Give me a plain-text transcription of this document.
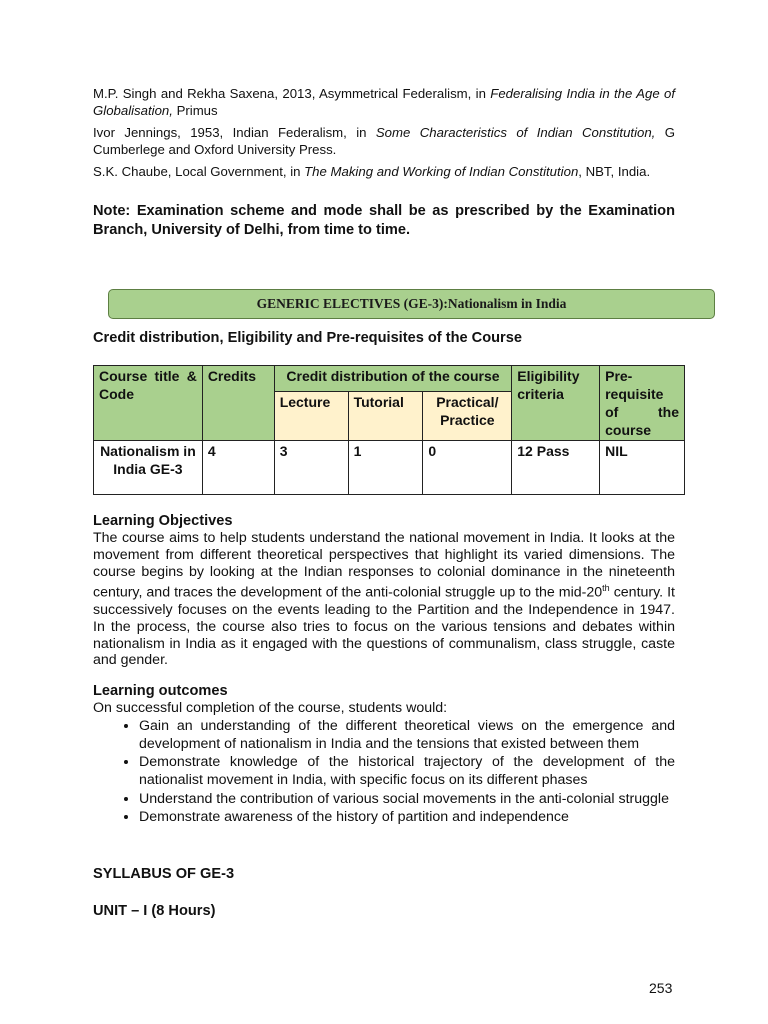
M.P. Singh and Rekha Saxena, 2013, Asymmetrical Federalism, in Federalising India in the Age of Globalisation, Primus

Ivor Jennings, 1953, Indian Federalism, in Some Characteristics of Indian Constitution, G Cumberlege and Oxford University Press.

S.K. Chaube, Local Government, in The Making and Working of Indian Constitution, NBT, India.

Note: Examination scheme and mode shall be as prescribed by the Examination Branch, University of Delhi, from time to time.

GENERIC ELECTIVES (GE-3): Nationalism in India
Credit distribution, Eligibility and Pre-requisites of the Course
Course title & Code	Credits	Credit distribution of the course			Eligibility criteria	Pre-requisite of the course
		Lecture	Tutorial	Practical/ Practice		
Nationalism in India GE-3	4	3	1	0	12 Pass	NIL
Learning Objectives

The course aims to help students understand the national movement in India. It looks at the movement from different theoretical perspectives that highlight its varied dimensions. The course begins by looking at the Indian responses to colonial dominance in the nineteenth century, and traces the development of the anti-colonial struggle up to the mid-20th century. It successively focuses on the events leading to the Partition and the Independence in 1947. In the process, the course also tries to focus on the various tensions and debates within nationalism in India as it engaged with the questions of communalism, class struggle, caste and gender.

Learning outcomes

On successful completion of the course, students would:

• Gain an understanding of the different theoretical views on the emergence and development of nationalism in India and the tensions that existed between them
• Demonstrate knowledge of the historical trajectory of the development of the nationalist movement in India, with specific focus on its different phases
• Understand the contribution of various social movements in the anti-colonial struggle
• Demonstrate awareness of the history of partition and independence
SYLLABUS OF GE-3
UNIT – I (8 Hours)
253
